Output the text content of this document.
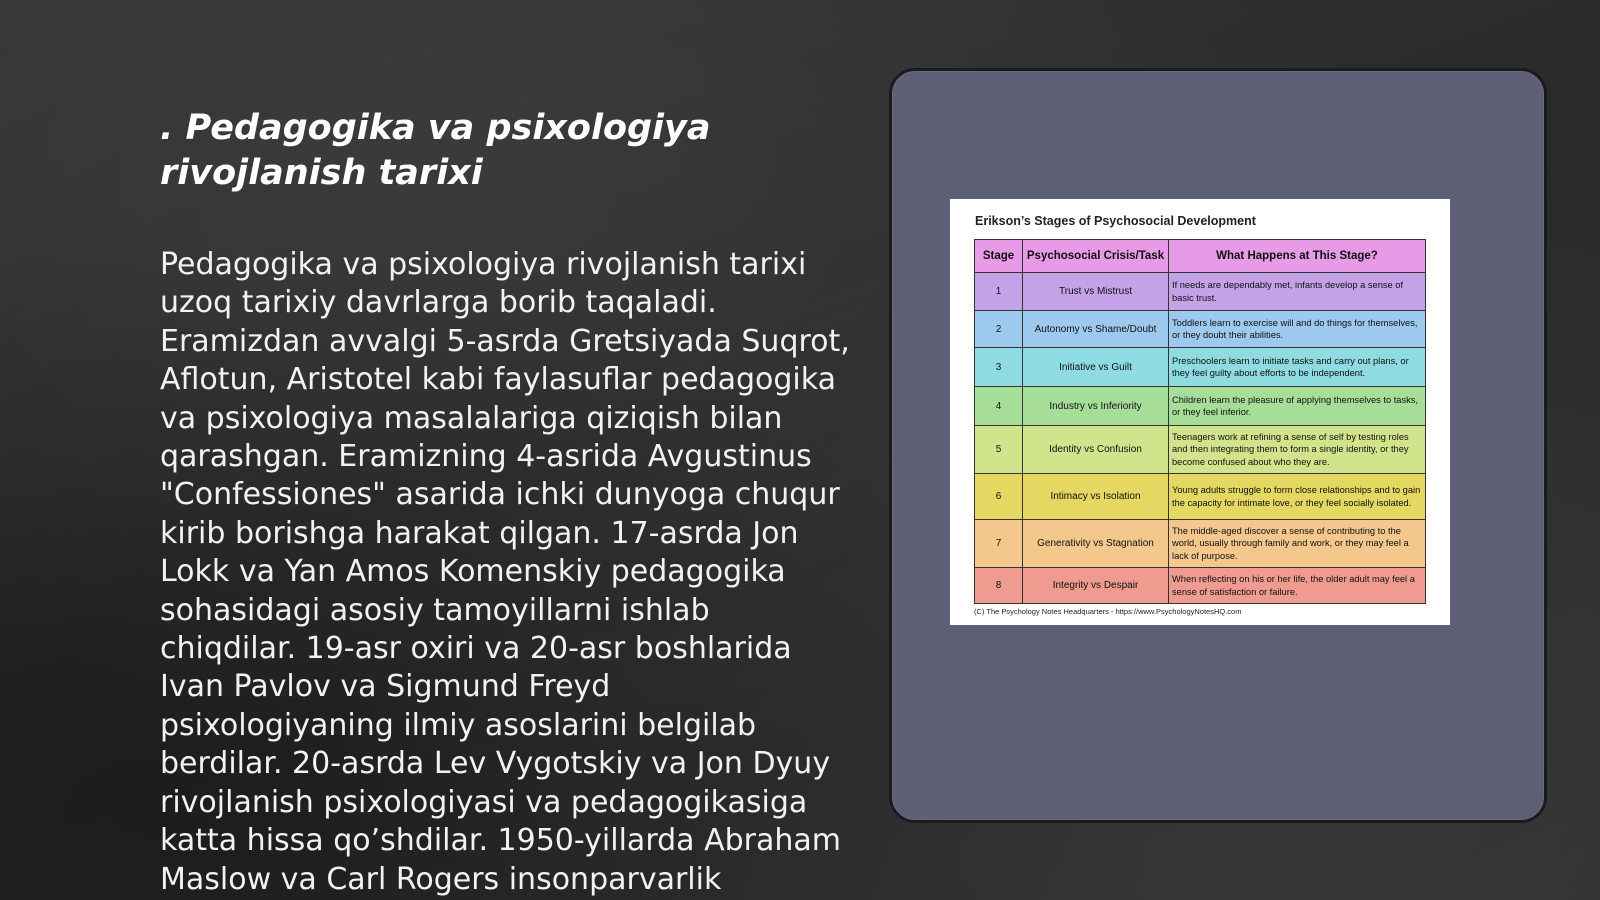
. Pedagogika va psixologiya rivojlanish tarixi

Pedagogika va psixologiya rivojlanish tarixi uzoq tarixiy davrlarga borib taqaladi. Eramizdan avvalgi 5-asrda Gretsiyada Suqrot, Aflotun, Aristotel kabi faylasuflar pedagogika va psixologiya masalalariga qiziqish bilan qarashgan. Eramizning 4-asrida Avgustinus "Confessiones" asarida ichki dunyoga chuqur kirib borishga harakat qilgan. 17-asrda Jon Lokk va Yan Amos Komenskiy pedagogika sohasidagi asosiy tamoyillarni ishlab chiqdilar. 19-asr oxiri va 20-asr boshlarida Ivan Pavlov va Sigmund Freyd psixologiyaning ilmiy asoslarini belgilab berdilar. 20-asrda Lev Vygotskiy va Jon Dyuy rivojlanish psixologiyasi va pedagogikasiga katta hissa qo’shdilar. 1950-yillarda Abraham Maslow va Carl Rogers insonparvarlik

Erikson’s Stages of Psychosocial Development
Stage	Psychosocial Crisis/Task	What Happens at This Stage?
1	Trust vs Mistrust	If needs are dependably met, infants develop a sense of basic trust.
2	Autonomy vs Shame/Doubt	Toddlers learn to exercise will and do things for themselves, or they doubt their abilities.
3	Initiative vs Guilt	Preschoolers learn to initiate tasks and carry out plans, or they feel guilty about efforts to be independent.
4	Industry vs Inferiority	Children learn the pleasure of applying themselves to tasks, or they feel inferior.
5	Identity vs Confusion	Teenagers work at refining a sense of self by testing roles and then integrating them to form a single identity, or they become confused about who they are.
6	Intimacy vs Isolation	Young adults struggle to form close relationships and to gain the capacity for intimate love, or they feel socially isolated.
7	Generativity vs Stagnation	The middle-aged discover a sense of contributing to the world, usually through family and work, or they may feel a lack of purpose.
8	Integrity vs Despair	When reflecting on his or her life, the older adult may feel a sense of satisfaction or failure.
(C) The Psychology Notes Headquarters - https://www.PsychologyNotesHQ.com
